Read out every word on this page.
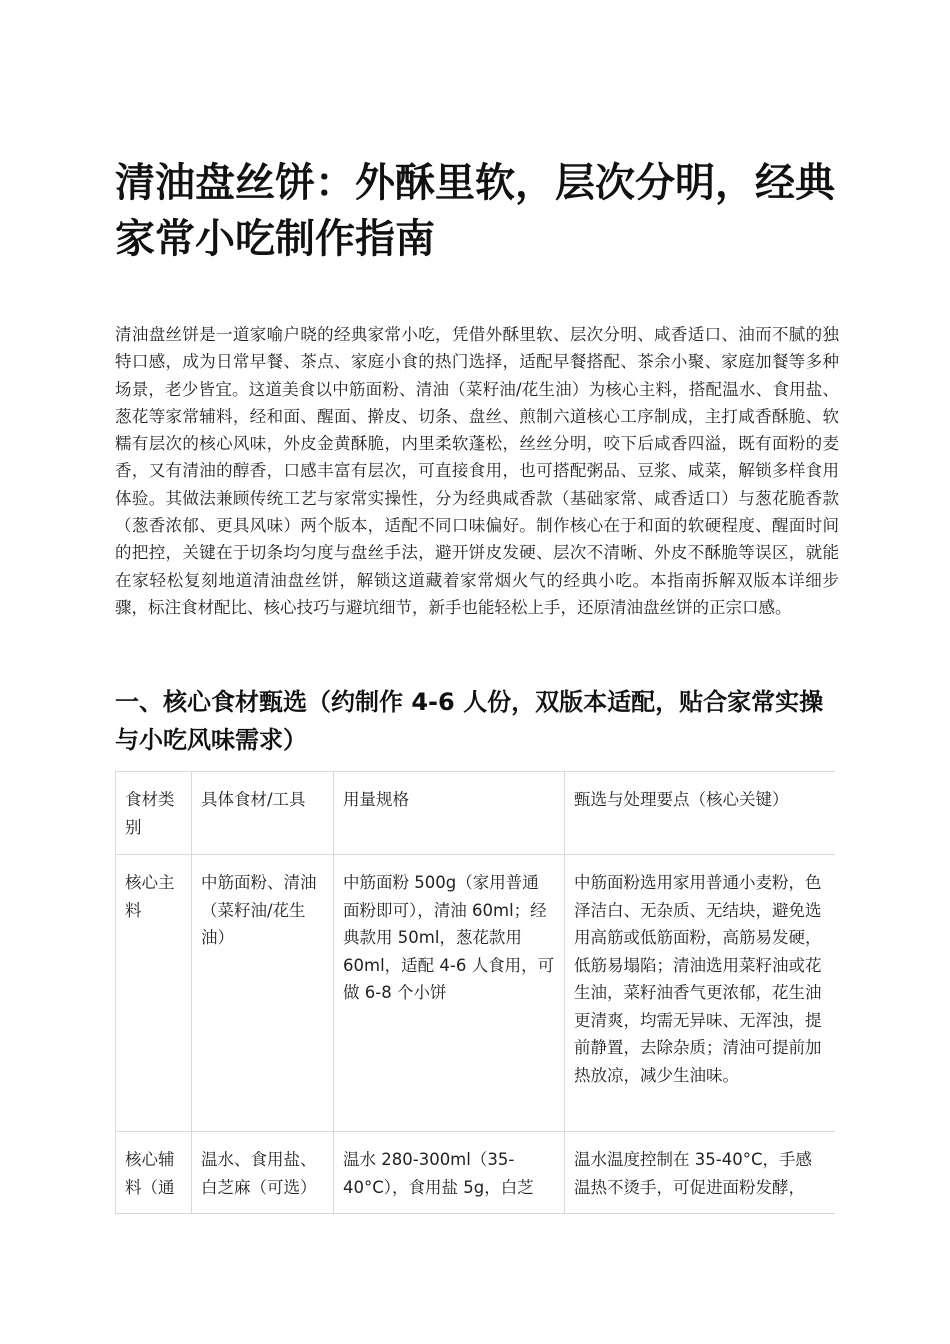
清油盘丝饼：外酥里软，层次分明，经典家常小吃制作指南

清油盘丝饼是一道家喻户晓的经典家常小吃，凭借外酥里软、层次分明、咸香适口、油而不腻的独特口感，成为日常早餐、茶点、家庭小食的热门选择，适配早餐搭配、茶余小聚、家庭加餐等多种场景，老少皆宜。这道美食以中筋面粉、清油（菜籽油/花生油）为核心主料，搭配温水、食用盐、葱花等家常辅料，经和面、醒面、擀皮、切条、盘丝、煎制六道核心工序制成，主打咸香酥脆、软糯有层次的核心风味，外皮金黄酥脆，内里柔软蓬松，丝丝分明，咬下后咸香四溢，既有面粉的麦香，又有清油的醇香，口感丰富有层次，可直接食用，也可搭配粥品、豆浆、咸菜，解锁多样食用体验。其做法兼顾传统工艺与家常实操性，分为经典咸香款（基础家常、咸香适口）与葱花脆香款（葱香浓郁、更具风味）两个版本，适配不同口味偏好。制作核心在于和面的软硬程度、醒面时间的把控，关键在于切条均匀度与盘丝手法，避开饼皮发硬、层次不清晰、外皮不酥脆等误区，就能在家轻松复刻地道清油盘丝饼，解锁这道藏着家常烟火气的经典小吃。本指南拆解双版本详细步骤，标注食材配比、核心技巧与避坑细节，新手也能轻松上手，还原清油盘丝饼的正宗口感。

一、核心食材甄选（约制作 4-6 人份，双版本适配，贴合家常实操与小吃风味需求）
食材类别	具体食材/工具	用量规格	甄选与处理要点（核心关键）
核心主料	中筋面粉、清油（菜籽油/花生油）	中筋面粉 500g（家用普通面粉即可），清油 60ml；经典款用 50ml，葱花款用 60ml，适配 4-6 人食用，可做 6-8 个小饼	中筋面粉选用家用普通小麦粉，色泽洁白、无杂质、无结块，避免选用高筋或低筋面粉，高筋易发硬，低筋易塌陷；清油选用菜籽油或花生油，菜籽油香气更浓郁，花生油更清爽，均需无异味、无浑浊，提前静置，去除杂质；清油可提前加热放凉，减少生油味。
核心辅料（通	温水、食用盐、白芝麻（可选）	温水 280-300ml（35-40°C），食用盐 5g，白芝	温水温度控制在 35-40°C，手感温热不烫手，可促进面粉发酵，
